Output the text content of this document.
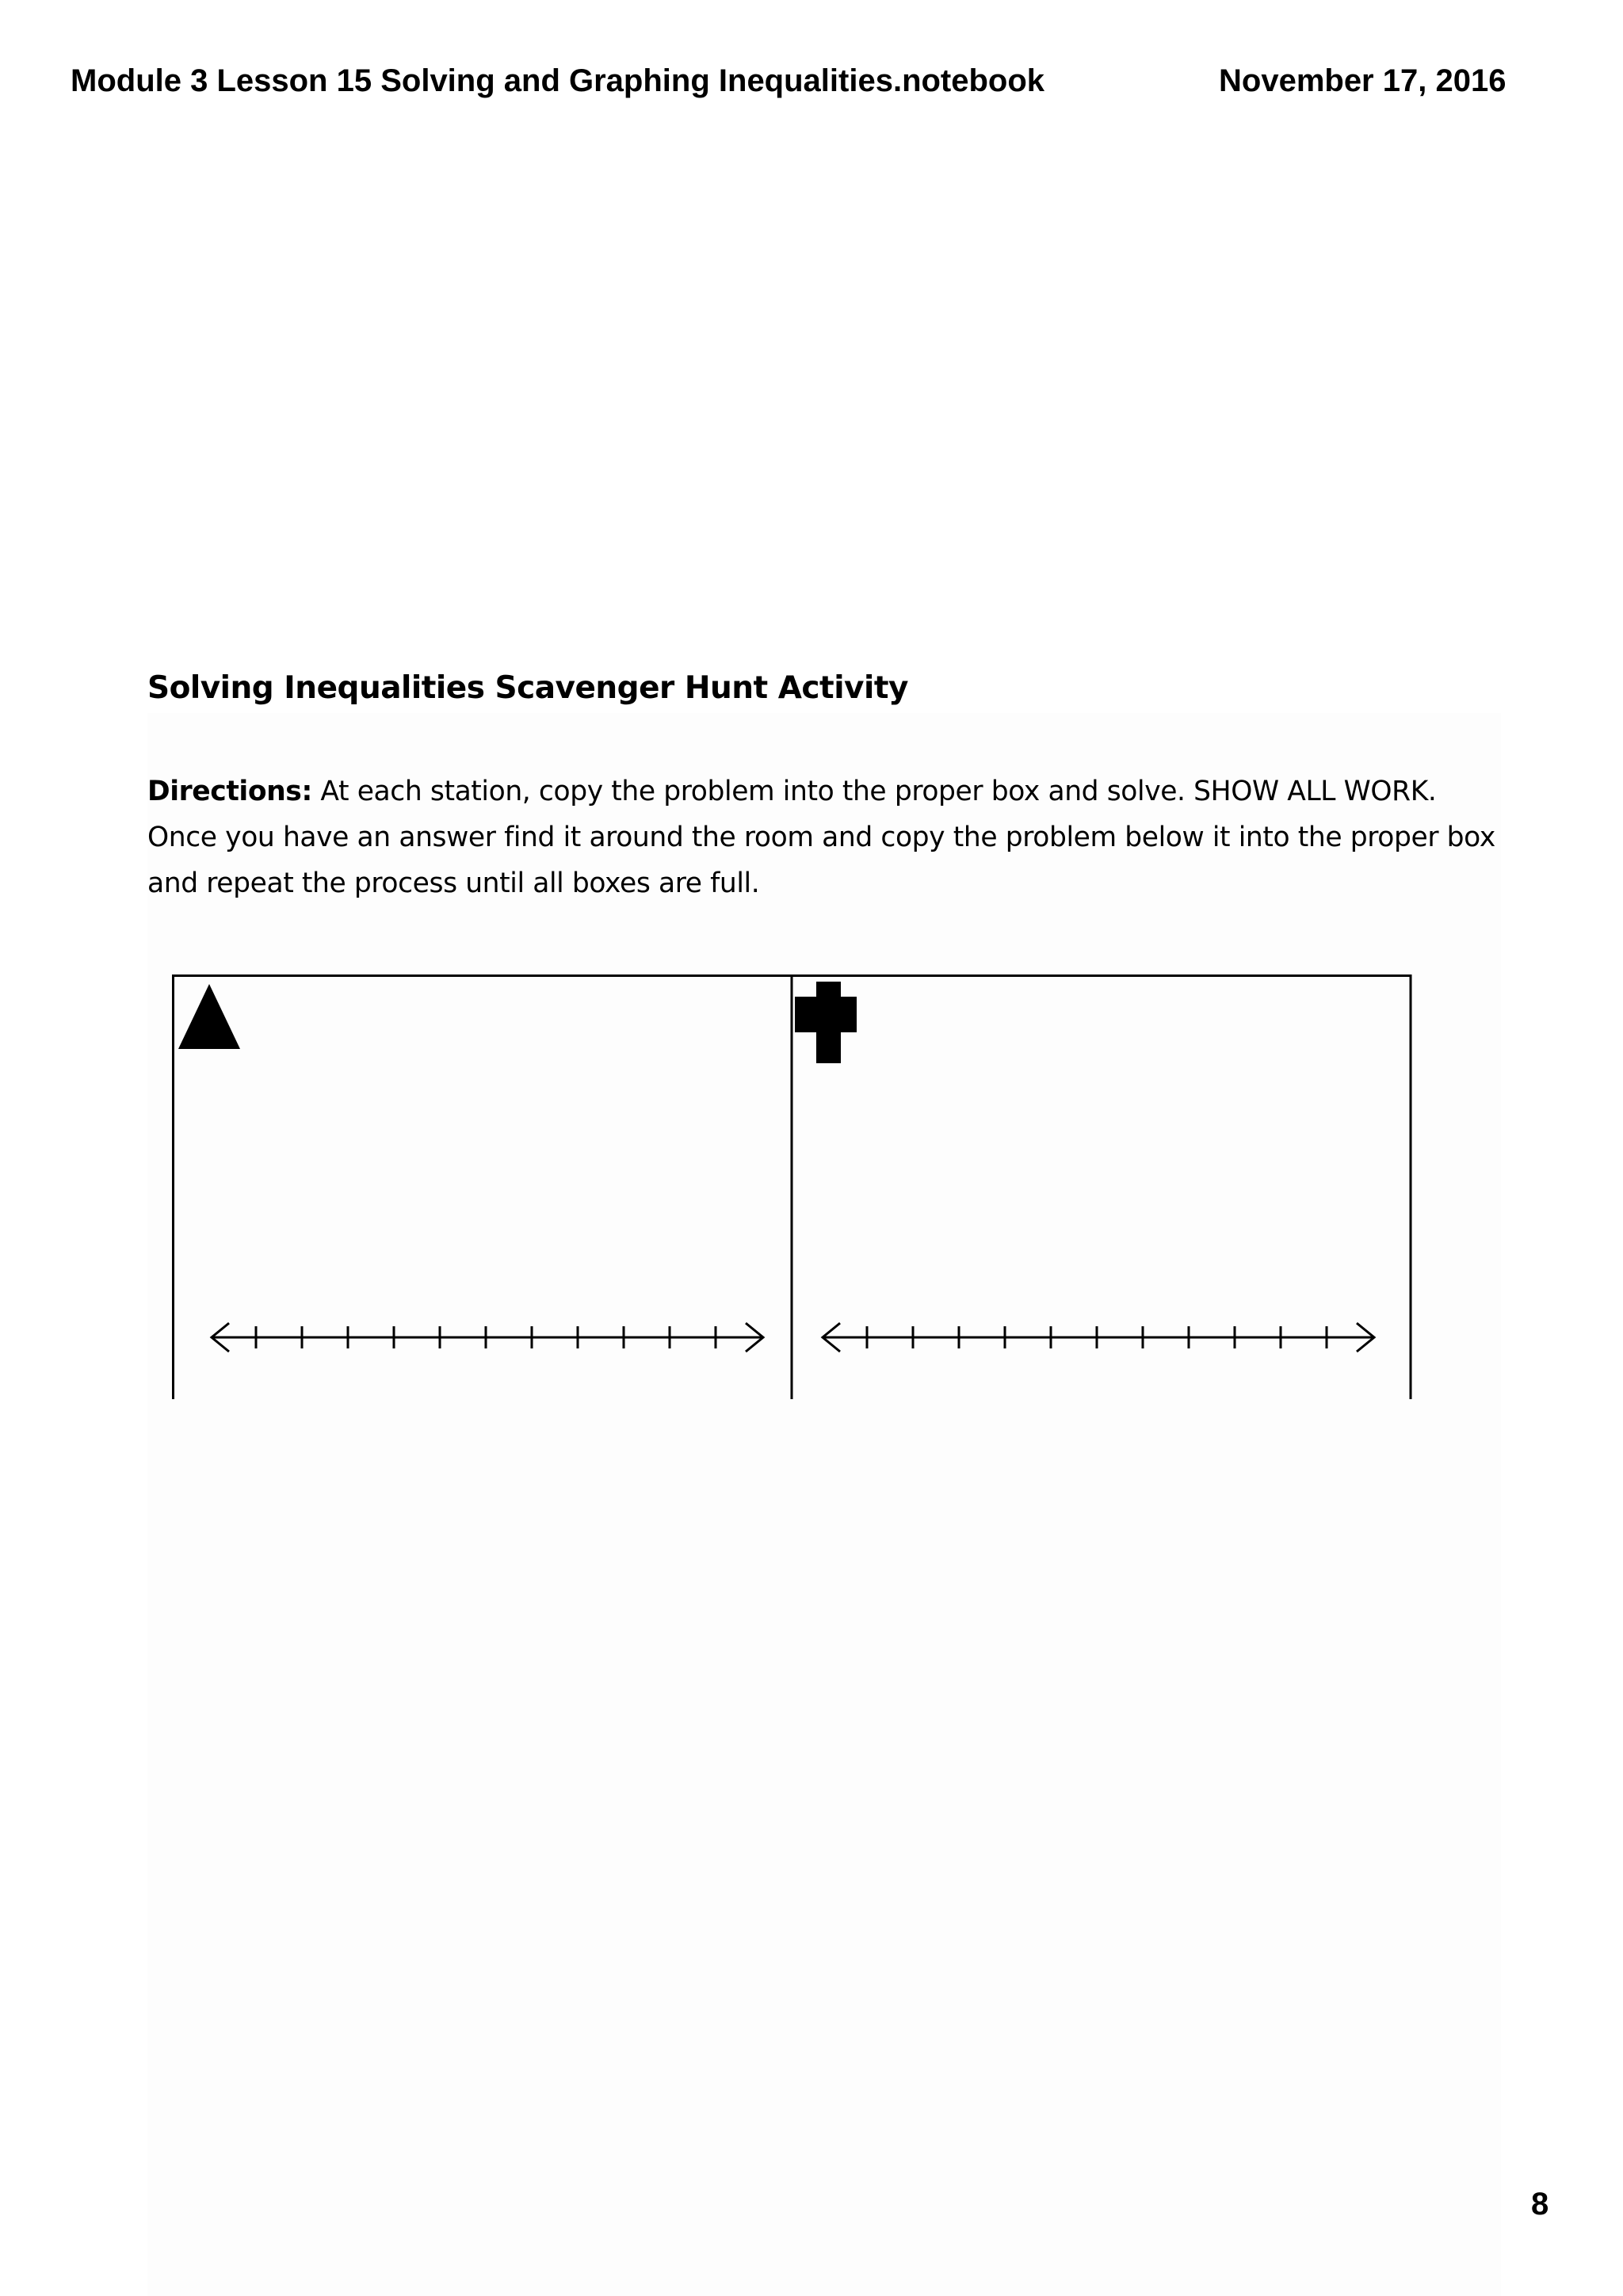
Module 3 Lesson 15 Solving and Graphing Inequalities.notebook	November 17, 2016
Solving Inequalities Scavenger Hunt Activity
Directions: At each station, copy the problem into the proper box and solve. SHOW ALL WORK. Once you have an answer find it around the room and copy the problem below it into the proper box and repeat the process until all boxes are full.
8
